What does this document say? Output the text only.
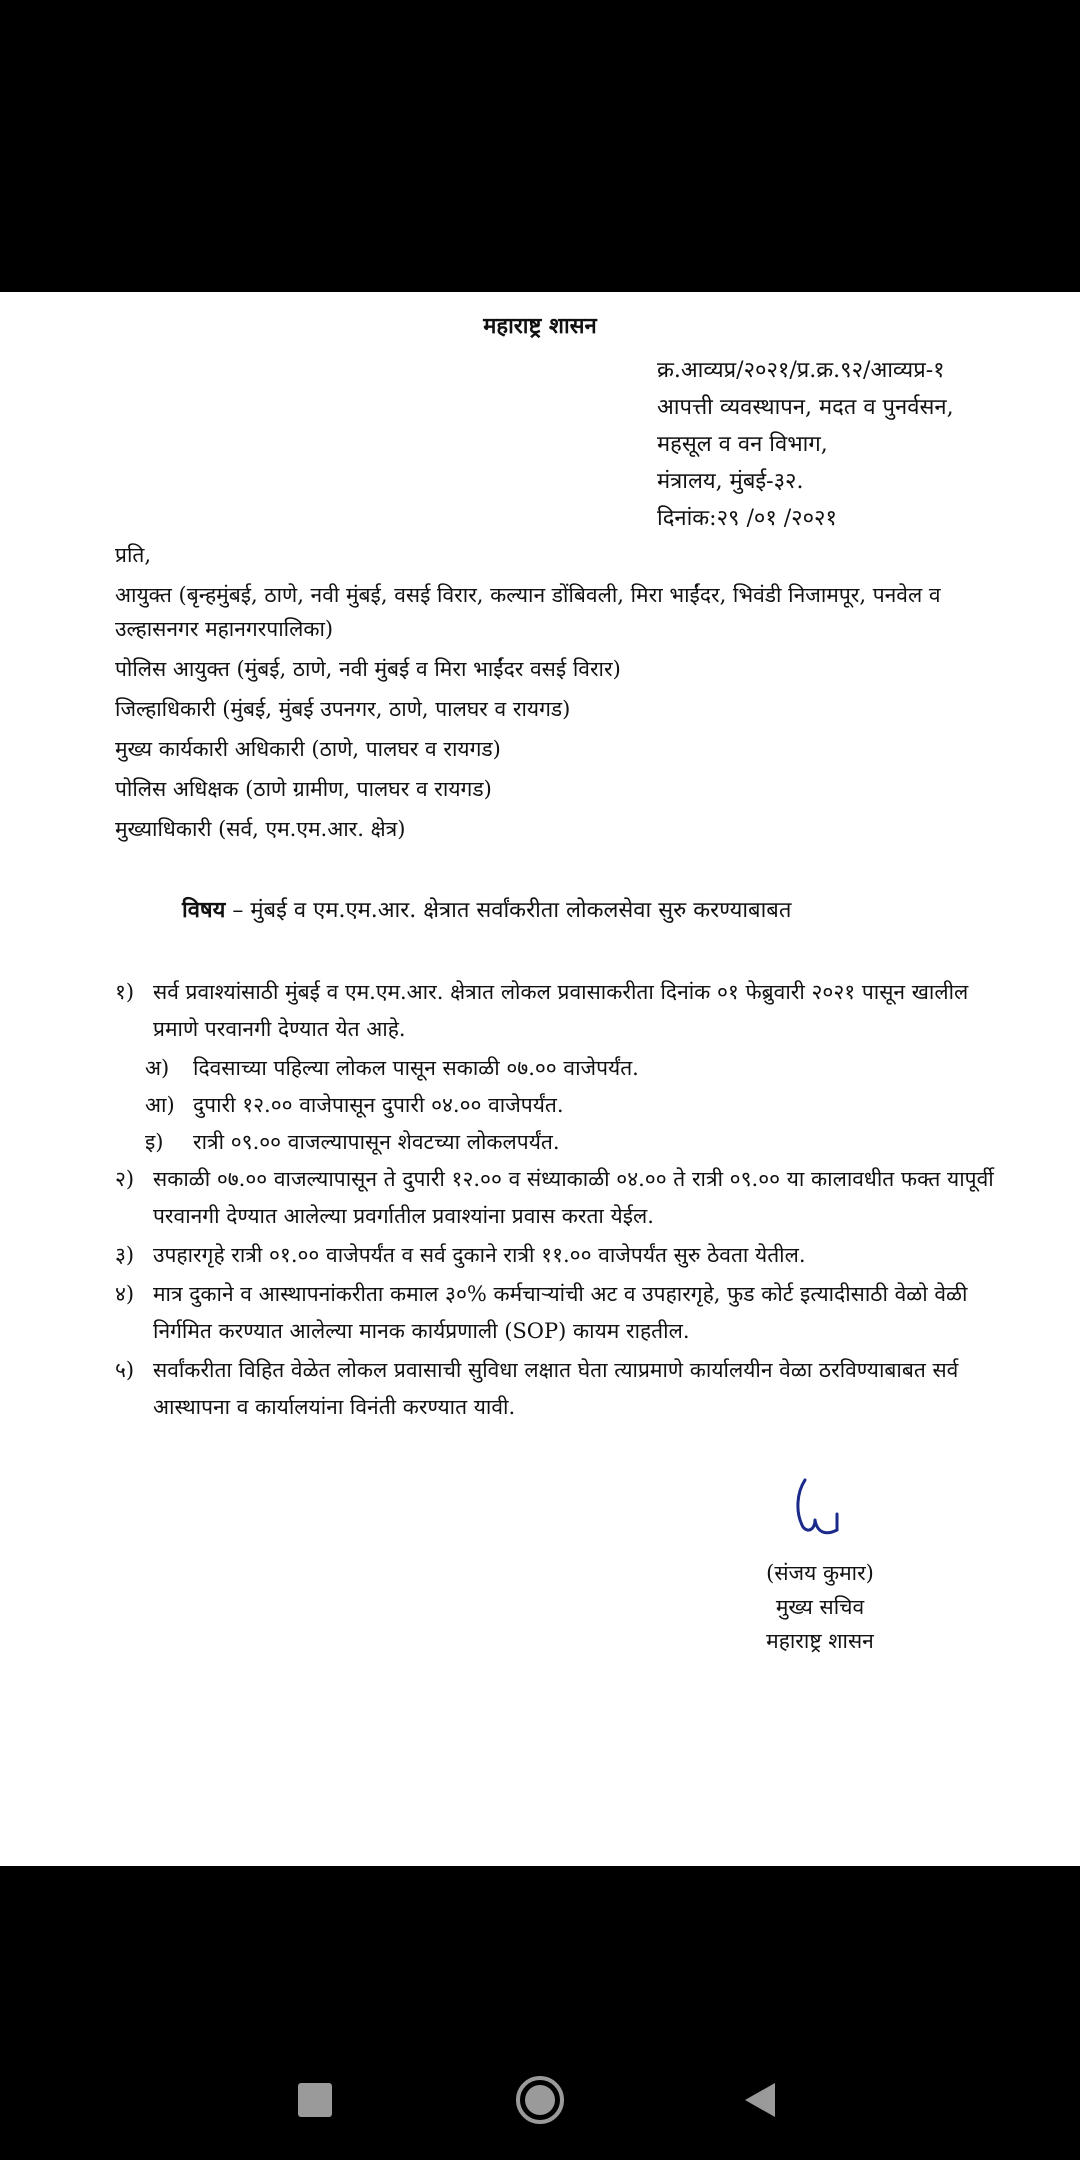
महाराष्ट्र शासन
क्र.आव्यप्र/२०२१/प्र.क्र.९२/आव्यप्र-१
आपत्ती व्यवस्थापन, मदत व पुनर्वसन,
महसूल व वन विभाग,
मंत्रालय, मुंबई-३२.
दिनांक:२९ /०१ /२०२१
प्रति,
आयुक्त (बृन्हमुंबई, ठाणे, नवी मुंबई, वसई विरार, कल्यान डोंबिवली, मिरा भाईंदर, भिवंडी निजामपूर, पनवेल व उल्हासनगर महानगरपालिका)
पोलिस आयुक्त (मुंबई, ठाणे, नवी मुंबई व मिरा भाईंदर वसई विरार)
जिल्हाधिकारी (मुंबई, मुंबई उपनगर, ठाणे, पालघर व रायगड)
मुख्य कार्यकारी अधिकारी (ठाणे, पालघर व रायगड)
पोलिस अधिक्षक (ठाणे ग्रामीण, पालघर व रायगड)
मुख्याधिकारी (सर्व, एम.एम.आर. क्षेत्र)
विषय – मुंबई व एम.एम.आर. क्षेत्रात सर्वांकरीता लोकलसेवा सुरु करण्याबाबत
१) सर्व प्रवाश्यांसाठी मुंबई व एम.एम.आर. क्षेत्रात लोकल प्रवासाकरीता दिनांक ०१ फेब्रुवारी २०२१ पासून खालील प्रमाणे परवानगी देण्यात येत आहे.
अ)	दिवसाच्या पहिल्या लोकल पासून सकाळी ०७.०० वाजेपर्यंत.
आ) दुपारी १२.०० वाजेपासून दुपारी ०४.०० वाजेपर्यंत.
इ)	रात्री ०९.०० वाजल्यापासून शेवटच्या लोकलपर्यंत.
२) सकाळी ०७.०० वाजल्यापासून ते दुपारी १२.०० व संध्याकाळी ०४.०० ते रात्री ०९.०० या कालावधीत फक्त यापूर्वी परवानगी देण्यात आलेल्या प्रवर्गातील प्रवाश्यांना प्रवास करता येईल.
३) उपहारगृहे रात्री ०१.०० वाजेपर्यंत व सर्व दुकाने रात्री ११.०० वाजेपर्यंत सुरु ठेवता येतील.
४) मात्र दुकाने व आस्थापनांकरीता कमाल ३०% कर्मचाऱ्यांची अट व उपहारगृहे, फुड कोर्ट इत्यादीसाठी वेळो वेळी निर्गमित करण्यात आलेल्या मानक कार्यप्रणाली (SOP) कायम राहतील.
५) सर्वांकरीता विहित वेळेत लोकल प्रवासाची सुविधा लक्षात घेता त्याप्रमाणे कार्यालयीन वेळा ठरविण्याबाबत सर्व आस्थापना व कार्यालयांना विनंती करण्यात यावी.
(संजय कुमार)
मुख्य सचिव
महाराष्ट्र शासन
